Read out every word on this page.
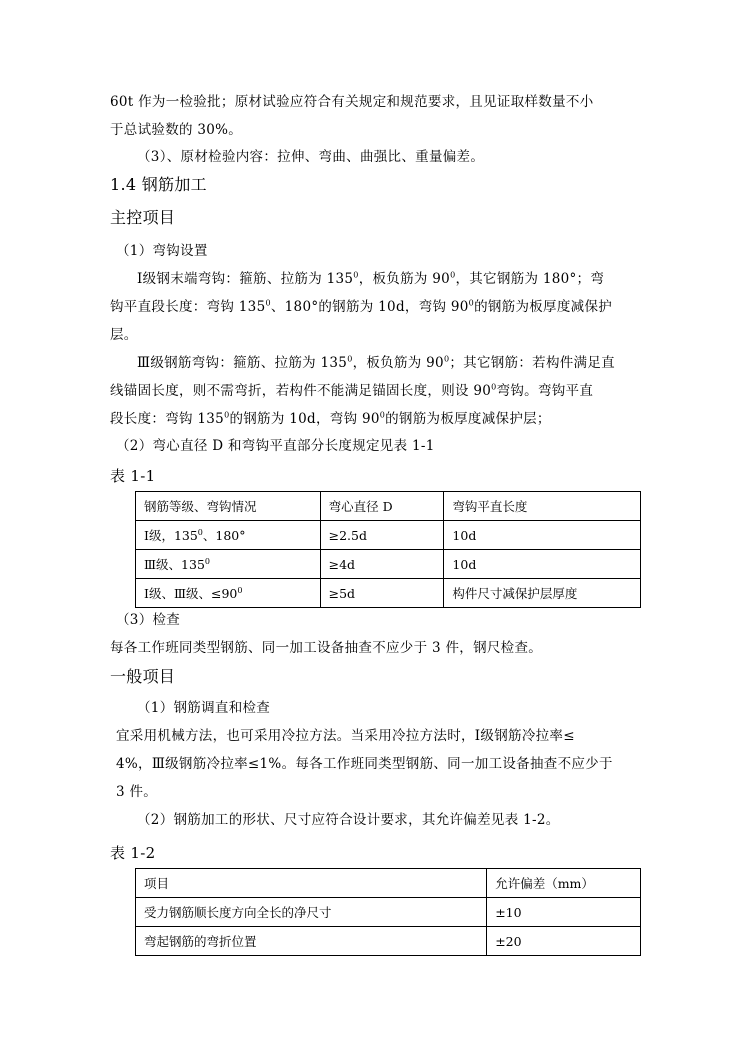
60t 作为一检验批；原材试验应符合有关规定和规范要求，且见证取样数量不小
于总试验数的 30%。

（3）、原材检验内容：拉伸、弯曲、曲强比、重量偏差。

1.4 钢筋加工

主控项目

（1）弯钩设置

Ⅰ级钢末端弯钩：箍筋、拉筋为 $135^0$，板负筋为 $90^0$，其它钢筋为 180°；弯
钩平直段长度：弯钩 $135^0$、180°的钢筋为 10d，弯钩 $90^0$的钢筋为板厚度减保护
层。

Ⅲ级钢筋弯钩：箍筋、拉筋为 $135^0$，板负筋为 $90^0$；其它钢筋：若构件满足直
线锚固长度，则不需弯折，若构件不能满足锚固长度，则设 $90^0$弯钩。弯钩平直
段长度：弯钩 $135^0$的钢筋为 10d，弯钩 $90^0$的钢筋为板厚度减保护层；

（2）弯心直径 D 和弯钩平直部分长度规定见表 1-1

表 1-1

钢筋等级、弯钩情况	弯心直径 D	弯钩平直长度
Ⅰ级，$135^0$、180°	≥2.5d	10d
Ⅲ级、$135^0$	≥4d	10d
Ⅰ级、Ⅲ级、$\le 90^0$	≥5d	构件尺寸减保护层厚度

（3）检查

每各工作班同类型钢筋、同一加工设备抽查不应少于 3 件，钢尺检查。

一般项目

（1）钢筋调直和检查

宜采用机械方法，也可采用冷拉方法。当采用冷拉方法时，Ⅰ级钢筋冷拉率≤
4%，Ⅲ级钢筋冷拉率≤1%。每各工作班同类型钢筋、同一加工设备抽查不应少于
3 件。

（2）钢筋加工的形状、尺寸应符合设计要求，其允许偏差见表 1-2。

表 1-2

项目	允许偏差（mm）
受力钢筋顺长度方向全长的净尺寸	±10
弯起钢筋的弯折位置	±20
